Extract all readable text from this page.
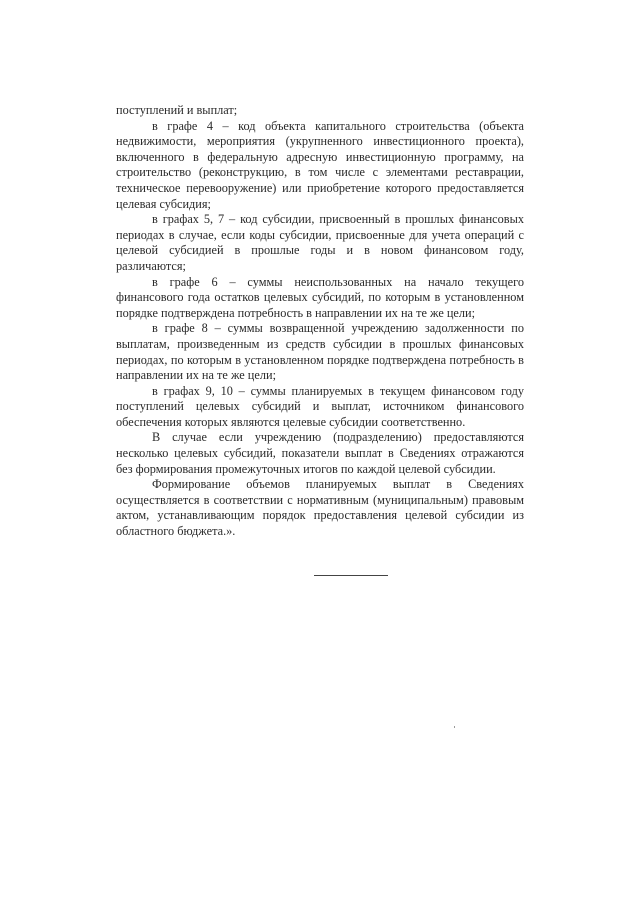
поступлений и выплат;

в графе 4 – код объекта капитального строительства (объекта недвижимости, мероприятия (укрупненного инвестиционного проекта), включенного в федеральную адресную инвестиционную программу, на строительство (реконструкцию, в том числе с элементами реставрации, техническое перевооружение) или приобретение которого предоставляется целевая субсидия;

в графах 5, 7 – код субсидии, присвоенный в прошлых финансовых периодах в случае, если коды субсидии, присвоенные для учета операций с целевой субсидией в прошлые годы и в новом финансовом году, различаются;

в графе 6 – суммы неиспользованных на начало текущего финансового года остатков целевых субсидий, по которым в установленном порядке подтверждена потребность в направлении их на те же цели;

в графе 8 – суммы возвращенной учреждению задолженности по выплатам, произведенным из средств субсидии в прошлых финансовых периодах, по которым в установленном порядке подтверждена потребность в направлении их на те же цели;

в графах 9, 10 – суммы планируемых в текущем финансовом году поступлений целевых субсидий и выплат, источником финансового обеспечения которых являются целевые субсидии соответственно.

В случае если учреждению (подразделению) предоставляются несколько целевых субсидий, показатели выплат в Сведениях отражаются без формирования промежуточных итогов по каждой целевой субсидии.

Формирование объемов планируемых выплат в Сведениях осуществляется в соответствии с нормативным (муниципальным) правовым актом, устанавливающим порядок предоставления целевой субсидии из областного бюджета.».
